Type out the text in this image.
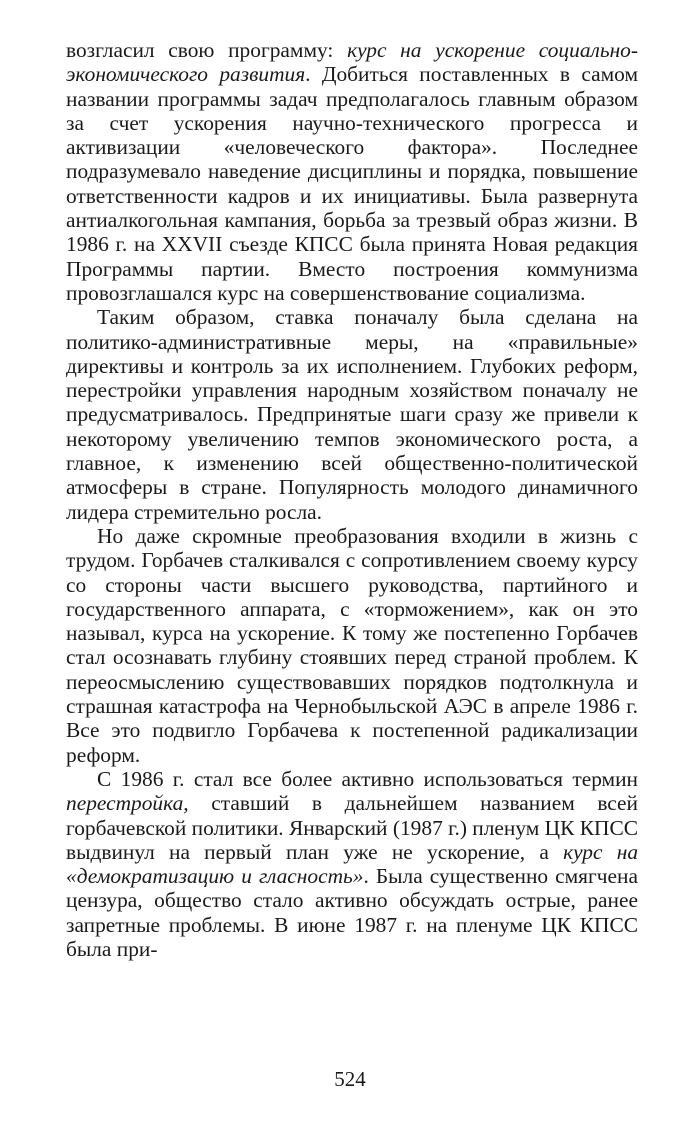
возгласил свою программу: курс на ускорение социально-экономического развития. Добиться поставленных в самом названии программы задач предполагалось главным образом за счет ускорения научно-технического прогресса и активизации «человеческого фактора». Последнее подразумевало наведение дисциплины и порядка, повышение ответственности кадров и их инициативы. Была развернута антиалкогольная кампания, борьба за трезвый образ жизни. В 1986 г. на XXVII съезде КПСС была принята Новая редакция Программы партии. Вместо построения коммунизма провозглашался курс на совершенствование социализма.

Таким образом, ставка поначалу была сделана на политико-административные меры, на «правильные» директивы и контроль за их исполнением. Глубоких реформ, перестройки управления народным хозяйством поначалу не предусматривалось. Предпринятые шаги сразу же привели к некоторому увеличению темпов экономического роста, а главное, к изменению всей общественно-политической атмосферы в стране. Популярность молодого динамичного лидера стремительно росла.

Но даже скромные преобразования входили в жизнь с трудом. Горбачев сталкивался с сопротивлением своему курсу со стороны части высшего руководства, партийного и государственного аппарата, с «торможением», как он это называл, курса на ускорение. К тому же постепенно Горбачев стал осознавать глубину стоявших перед страной проблем. К переосмыслению существовавших порядков подтолкнула и страшная катастрофа на Чернобыльской АЭС в апреле 1986 г. Все это подвигло Горбачева к постепенной радикализации реформ.

С 1986 г. стал все более активно использоваться термин перестройка, ставший в дальнейшем названием всей горбачевской политики. Январский (1987 г.) пленум ЦК КПСС выдвинул на первый план уже не ускорение, а курс на «демократизацию и гласность». Была существенно смягчена цензура, общество стало активно обсуждать острые, ранее запретные проблемы. В июне 1987 г. на пленуме ЦК КПСС была при-

524
